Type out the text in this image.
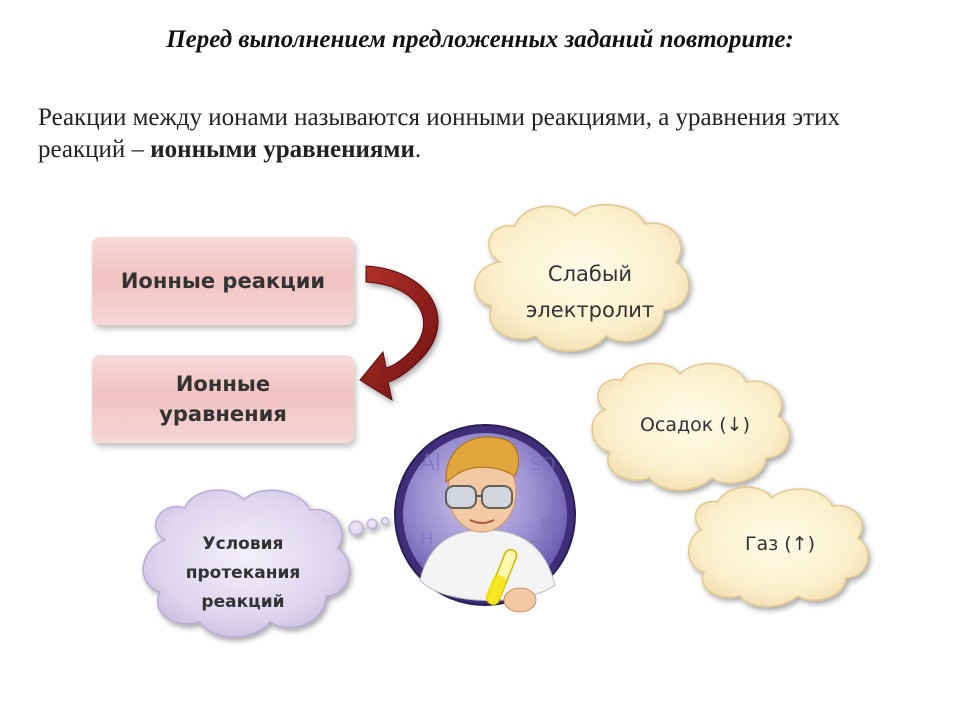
Перед выполнением предложенных заданий повторите:
Реакции между ионами называются ионными реакциями, а уравнения этих реакций – ионными уравнениями.
Al	SO
H
Na
Ионные реакции
Ионные
уравнения
Слабый
электролит
Осадок (↓)
Газ (↑)
Условия
протекания
реакций
